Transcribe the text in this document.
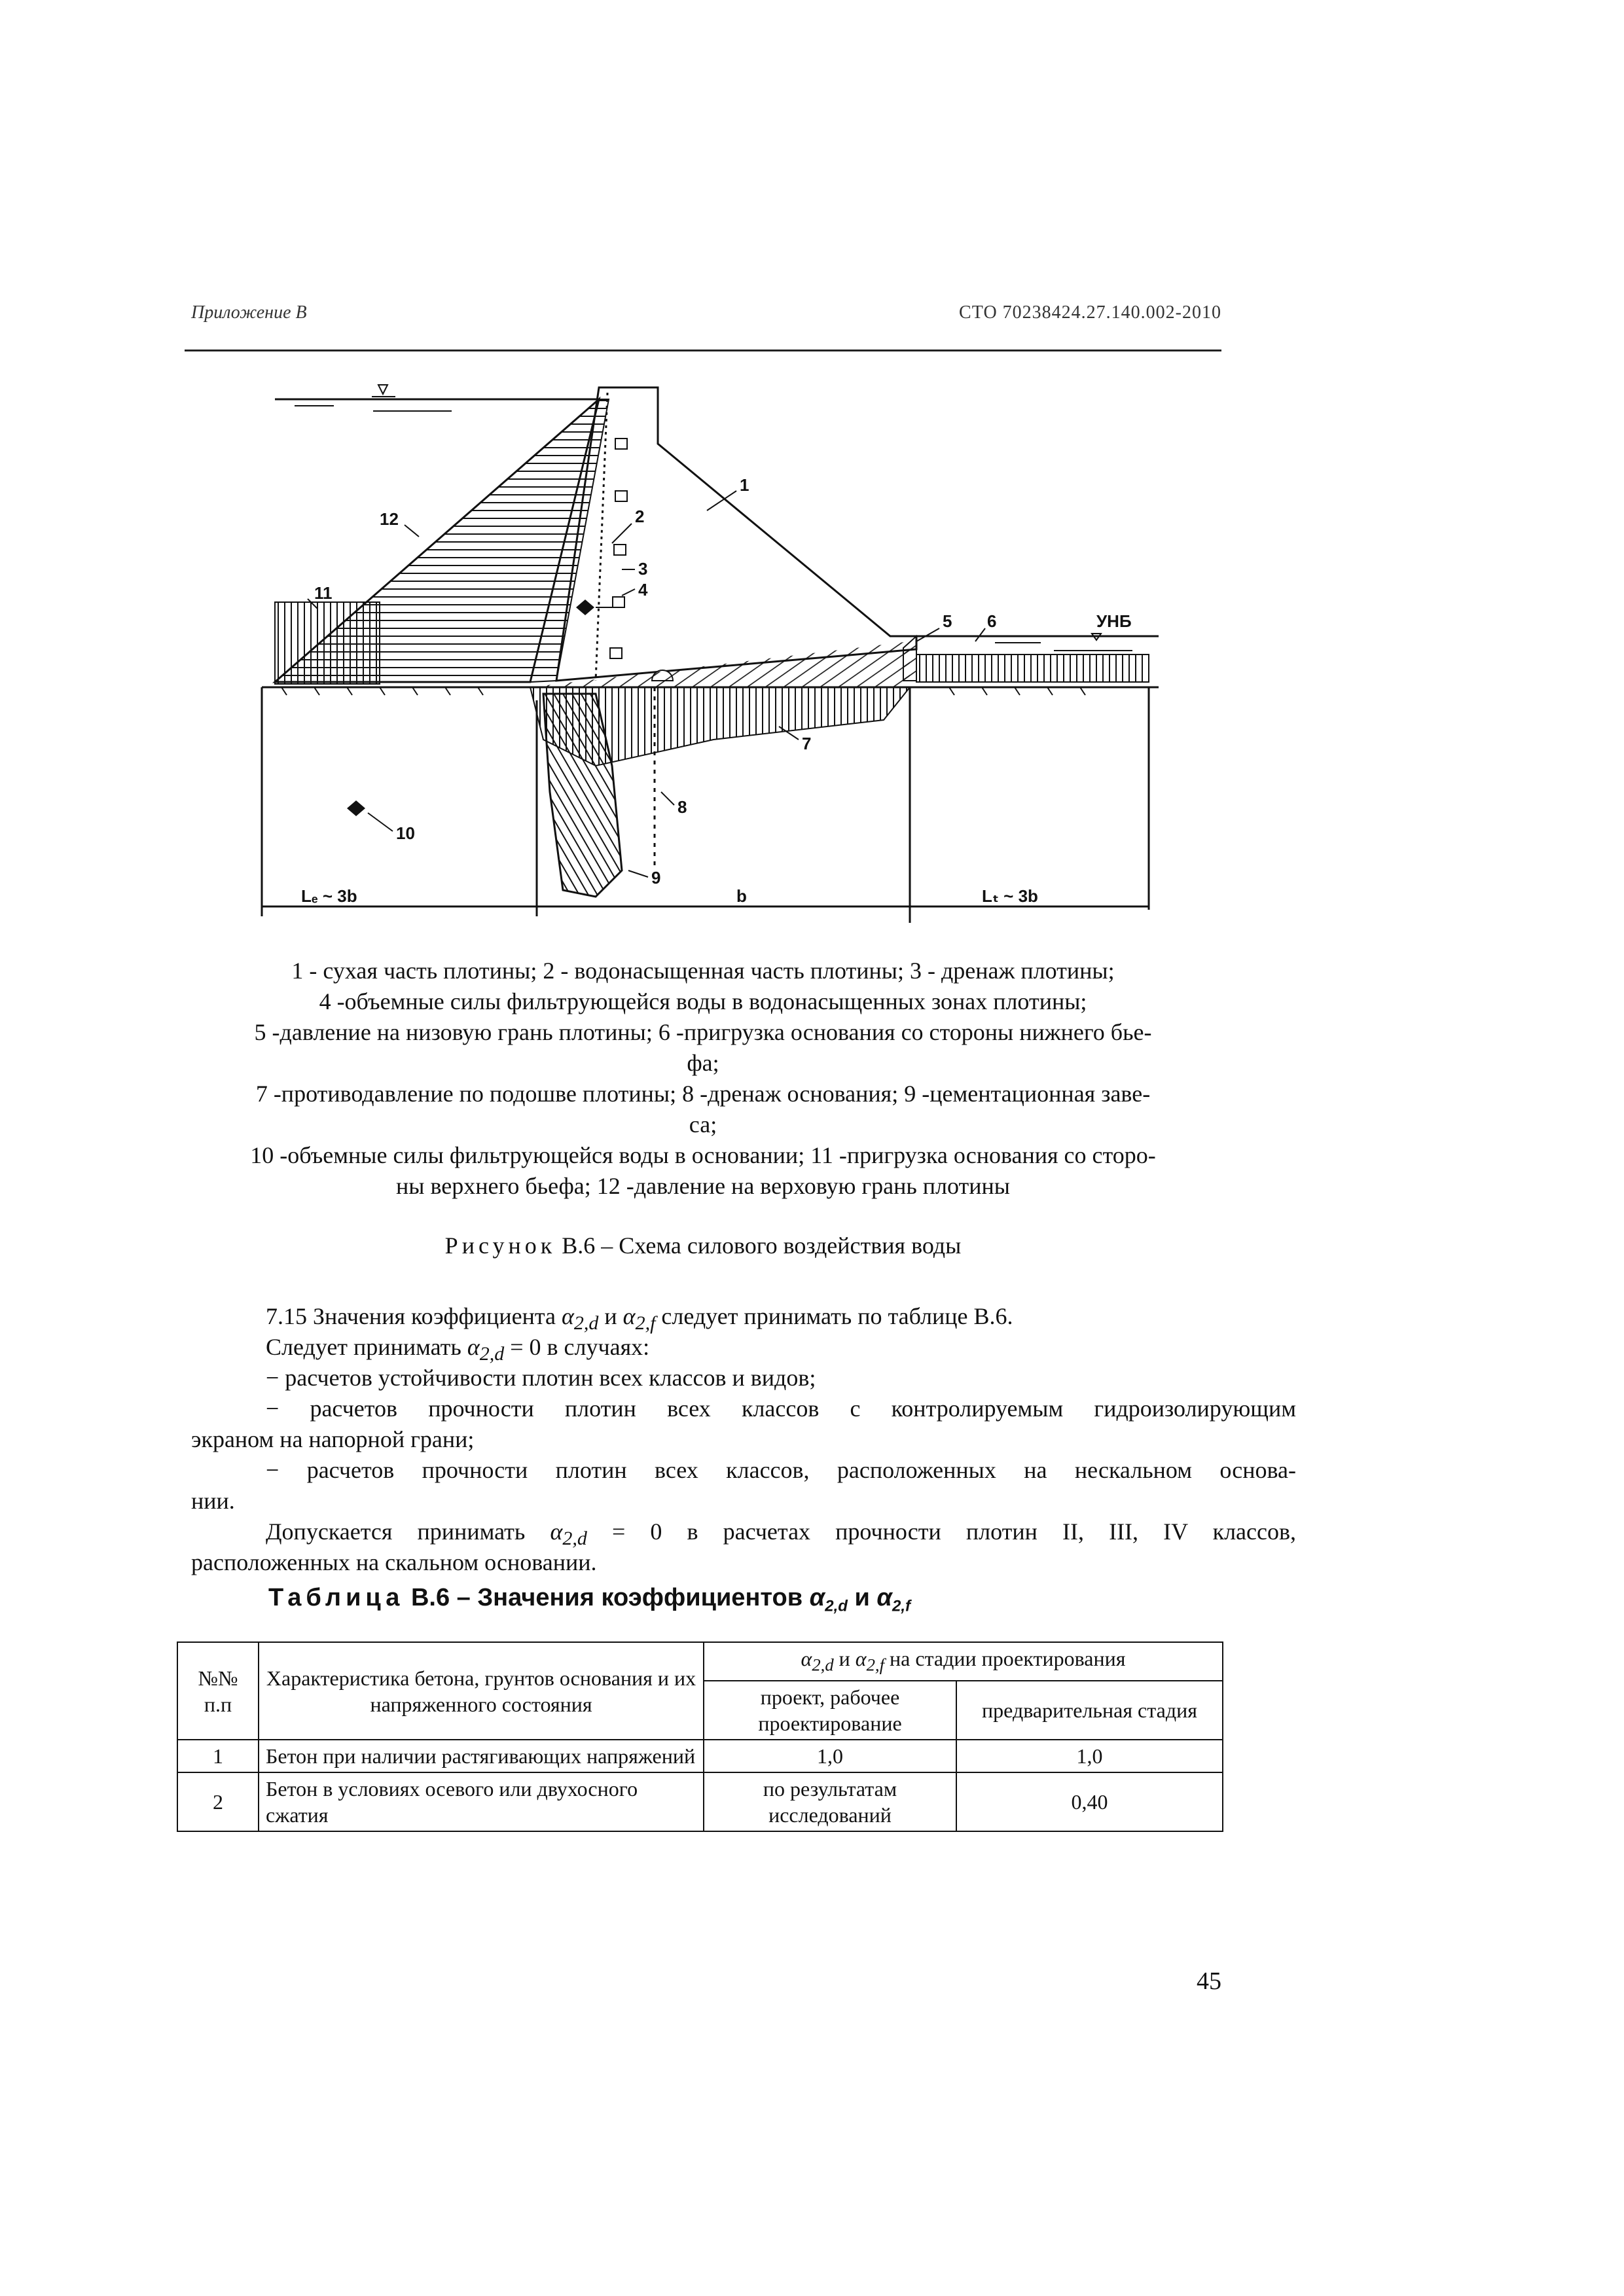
Приложение В	СТО 70238424.27.140.002-2010
1
2
3
4
5 6
7
8
9
10
11
12
УНБ
Lₑ ~ 3b	b	Lₜ ~ 3b
1 - сухая часть плотины; 2 - водонасыщенная часть плотины; 3 - дренаж плотины;
4 -объемные силы фильтрующейся воды в водонасыщенных зонах плотины;
5 -давление на низовую грань плотины; 6 -пригрузка основания со стороны нижнего бье-
фа;
7 -противодавление по подошве плотины; 8 -дренаж основания; 9 -цементационная заве-
са;
10 -объемные силы фильтрующейся воды в основании; 11 -пригрузка основания со сторо-
ны верхнего бьефа; 12 -давление на верховую грань плотины
Рисунок В.6 – Схема силового воздействия воды
7.15 Значения коэффициента $\alpha_{2,d}$ и $\alpha_{2,f}$ следует принимать по таблице В.6.
Следует принимать $\alpha_{2,d} = 0$ в случаях:
− расчетов устойчивости плотин всех классов и видов;
− расчетов прочности плотин всех классов с контролируемым гидроизолирующим
экраном на напорной грани;
− расчетов прочности плотин всех классов, расположенных на нескальном основа-
нии.
Допускается принимать $\alpha_{2,d} = 0$ в расчетах прочности плотин II, III, IV классов,
расположенных на скальном основании.
Таблица В.6 – Значения коэффициентов $\alpha_{2,d}$ и $\alpha_{2,f}$
№№ п.п	Характеристика бетона, грунтов основания и их напряженного состояния	$\alpha_{2,d}$ и $\alpha_{2,f}$ на стадии проектирования	
		проект, рабочее проектирование	предварительная стадия
1	Бетон при наличии растягивающих напряжений	1,0	1,0
2	Бетон в условиях осевого или двухосного сжатия	по результатам исследований	0,40
45
